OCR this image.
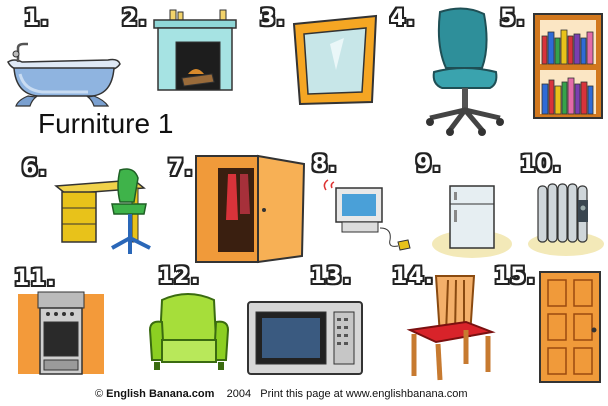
Furniture 1
1.	2.	3.	4.	5.
6.	7.	8.	9.	10.
11.	12.	13. 14.	15.
© English Banana.com 2004 Print this page at www.englishbanana.com
